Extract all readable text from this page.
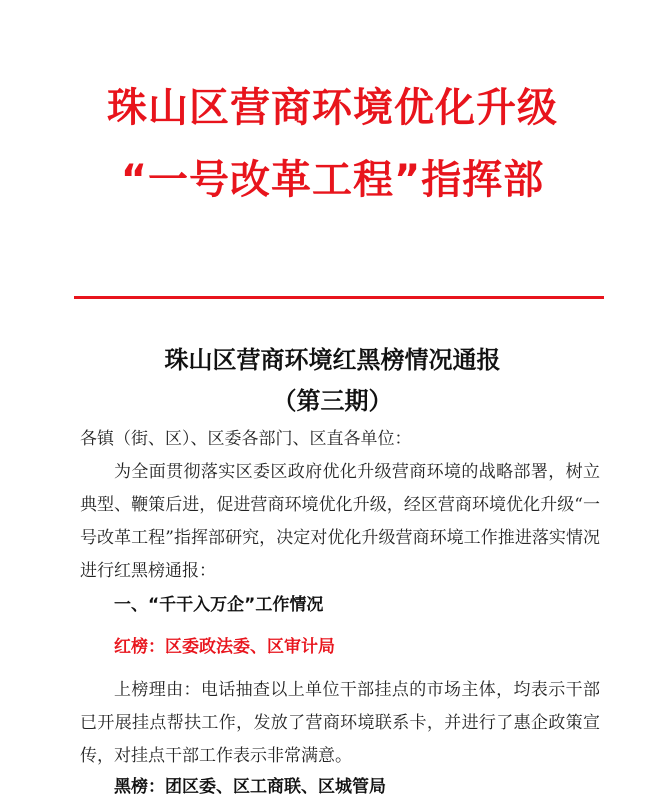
珠山区营商环境优化升级
“一号改革工程”指挥部
珠山区营商环境红黑榜情况通报
（第三期）
各镇（街、区）、区委各部门、区直各单位：
为全面贯彻落实区委区政府优化升级营商环境的战略部署，树立典型、鞭策后进，促进营商环境优化升级，经区营商环境优化升级“一号改革工程”指挥部研究，决定对优化升级营商环境工作推进落实情况进行红黑榜通报：
一、“千干入万企”工作情况
红榜：区委政法委、区审计局
上榜理由：电话抽查以上单位干部挂点的市场主体，均表示干部已开展挂点帮扶工作，发放了营商环境联系卡，并进行了惠企政策宣传，对挂点干部工作表示非常满意。
黑榜：团区委、区工商联、区城管局
